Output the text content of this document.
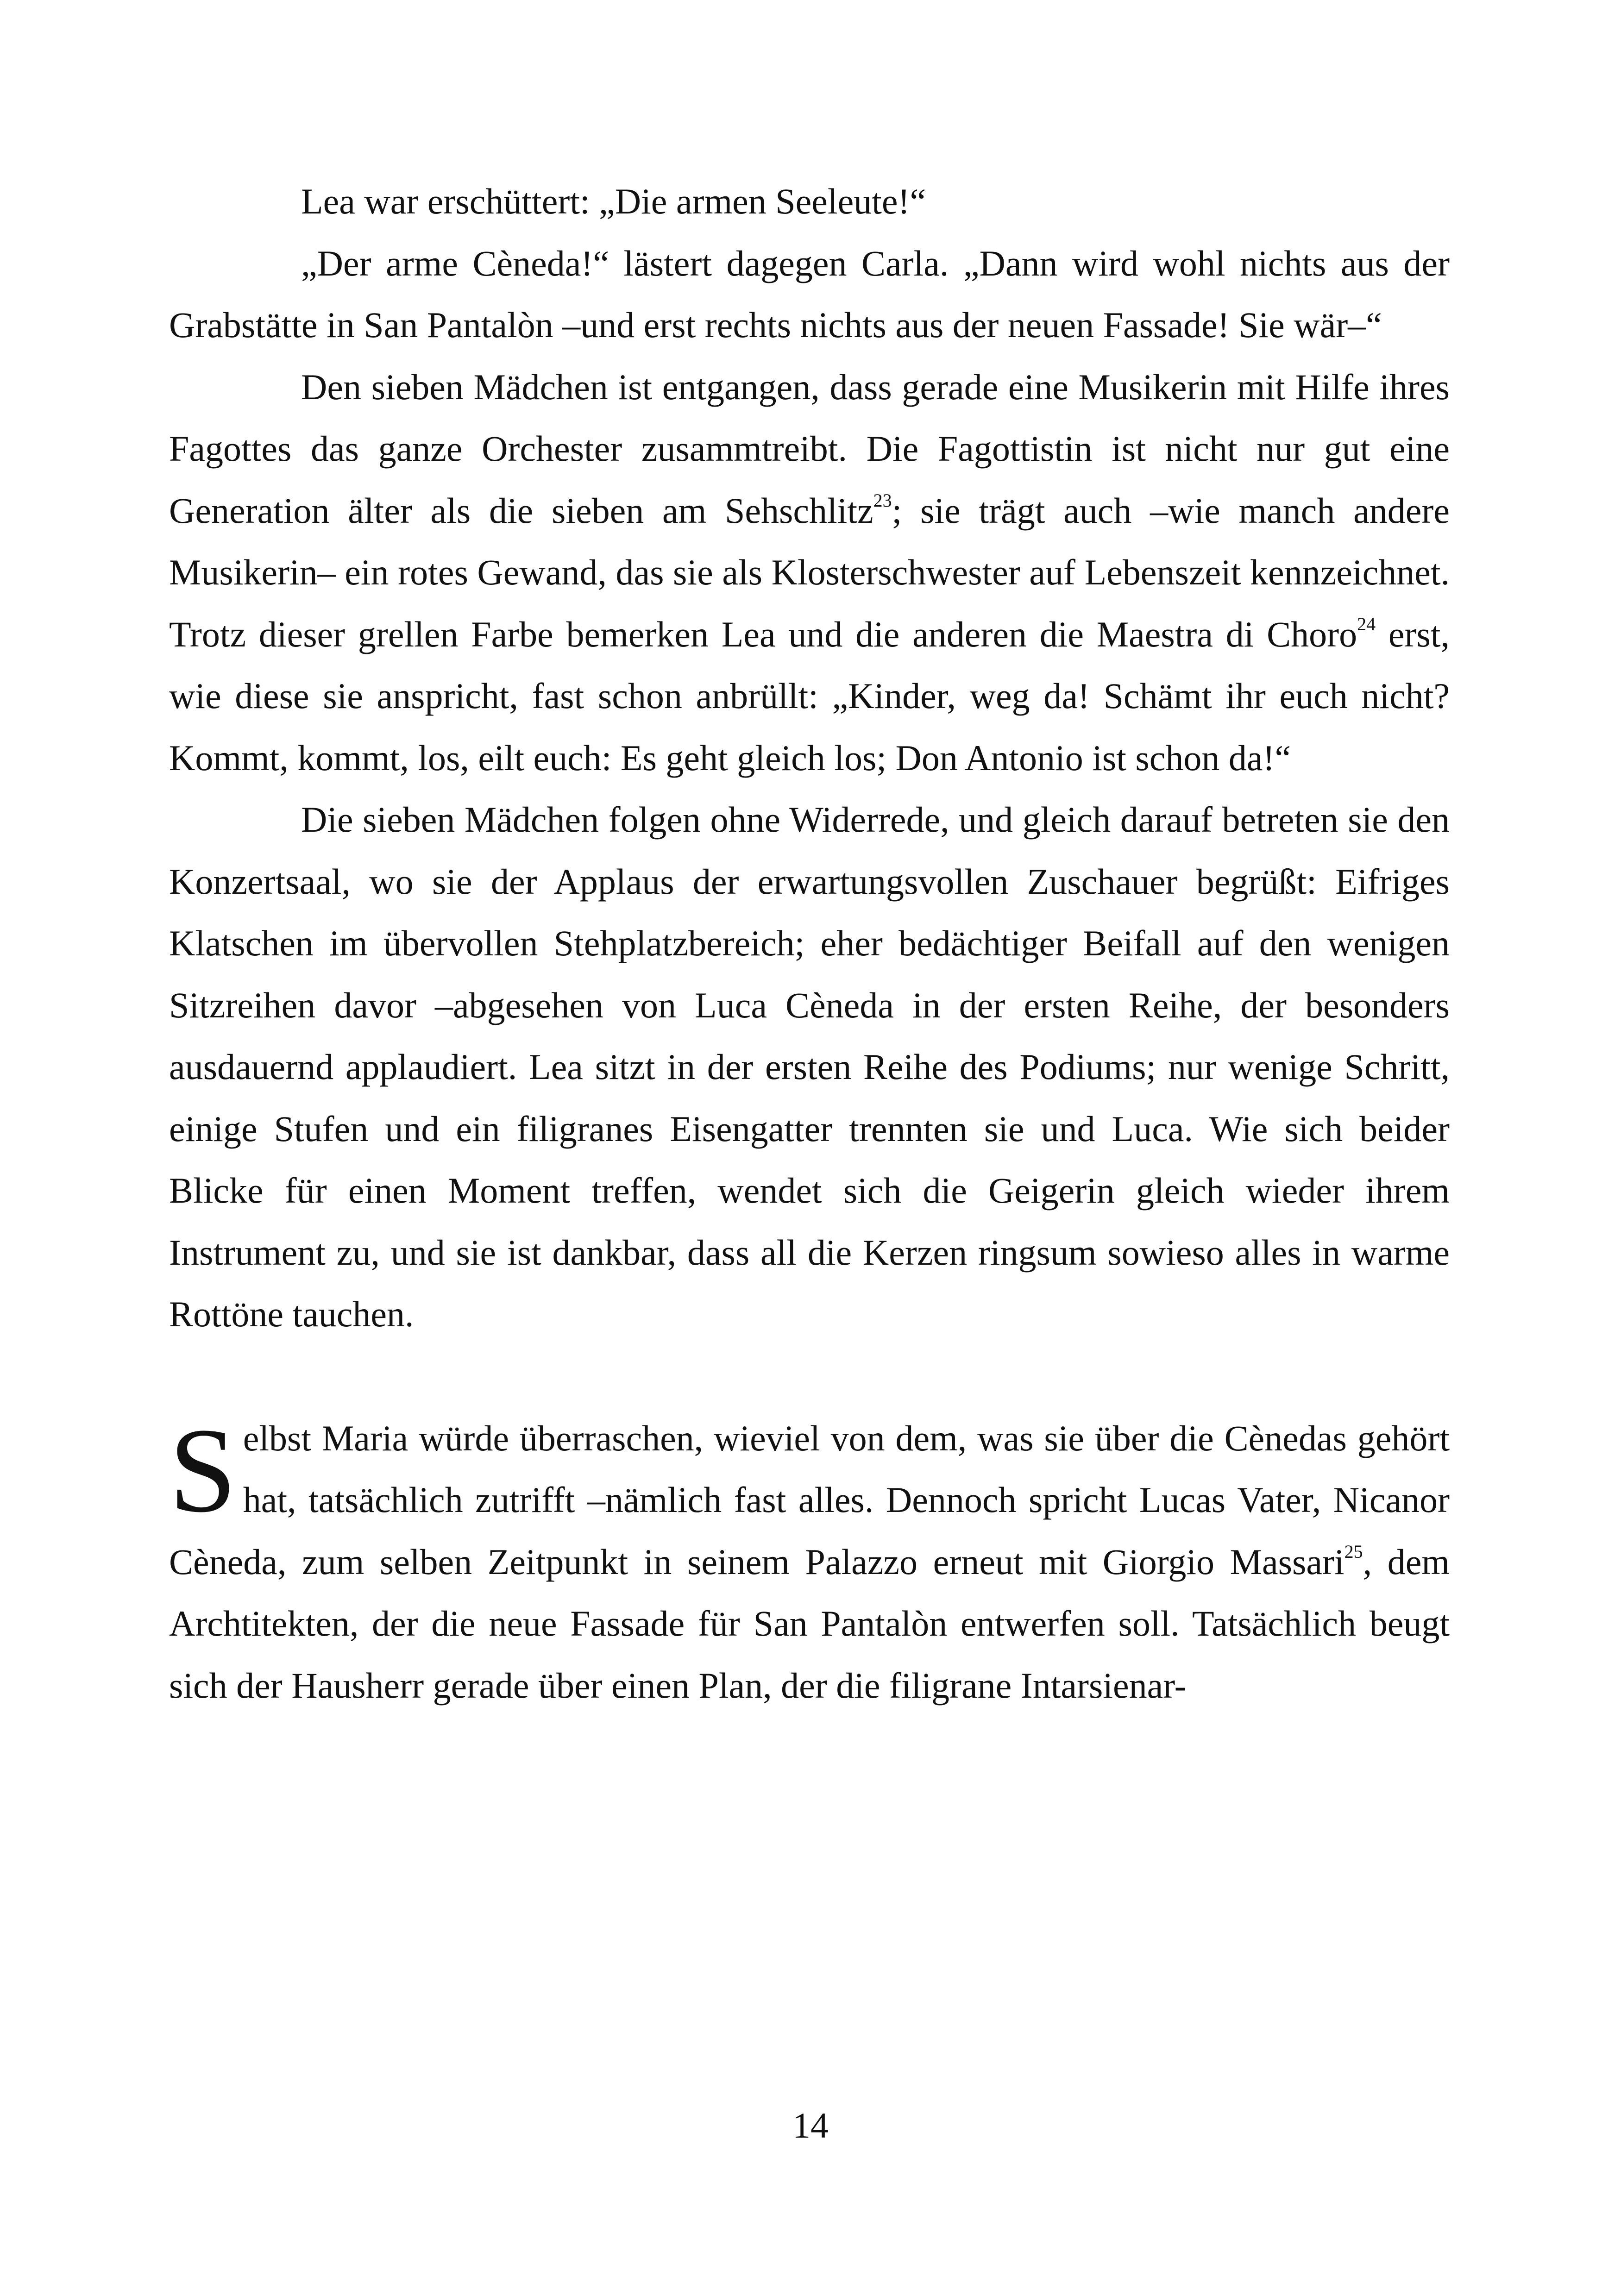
Lea war erschüttert: „Die armen Seeleute!“

„Der arme Cèneda!“ lästert dagegen Carla. „Dann wird wohl nichts aus der Grabstätte in San Pantalòn –und erst rechts nichts aus der neuen Fassade! Sie wär–“

Den sieben Mädchen ist entgangen, dass gerade eine Musikerin mit Hilfe ihres Fagottes das ganze Orchester zusammtreibt. Die Fagottistin ist nicht nur gut eine Generation älter als die sieben am Sehschlitz$^{23}$; sie trägt auch –wie manch andere Musikerin– ein rotes Gewand, das sie als Klosterschwester auf Lebenszeit kennzeichnet. Trotz dieser grellen Farbe bemerken Lea und die anderen die Maestra di Choro$^{24}$ erst, wie diese sie anspricht, fast schon anbrüllt: „Kinder, weg da! Schämt ihr euch nicht? Kommt, kommt, los, eilt euch: Es geht gleich los; Don Antonio ist schon da!“

Die sieben Mädchen folgen ohne Widerrede, und gleich darauf betreten sie den Konzertsaal, wo sie der Applaus der erwartungsvollen Zuschauer begrüßt: Eifriges Klatschen im übervollen Stehplatzbereich; eher bedächtiger Beifall auf den wenigen Sitzreihen davor –abgesehen von Luca Cèneda in der ersten Reihe, der besonders ausdauernd applaudiert. Lea sitzt in der ersten Reihe des Podiums; nur wenige Schritt, einige Stufen und ein filigranes Eisengatter trennten sie und Luca. Wie sich beider Blicke für einen Moment treffen, wendet sich die Geigerin gleich wieder ihrem Instrument zu, und sie ist dankbar, dass all die Kerzen ringsum sowieso alles in warme Rottöne tauchen.

Selbst Maria würde überraschen, wieviel von dem, was sie über die Cènedas gehört hat, tatsächlich zutrifft –nämlich fast alles. Dennoch spricht Lucas Vater, Nicanor Cèneda, zum selben Zeitpunkt in seinem Palazzo erneut mit Giorgio Massari$^{25}$, dem Archtitekten, der die neue Fassade für San Pantalòn entwerfen soll. Tatsächlich beugt sich der Hausherr gerade über einen Plan, der die filigrane Intarsienar-

14
